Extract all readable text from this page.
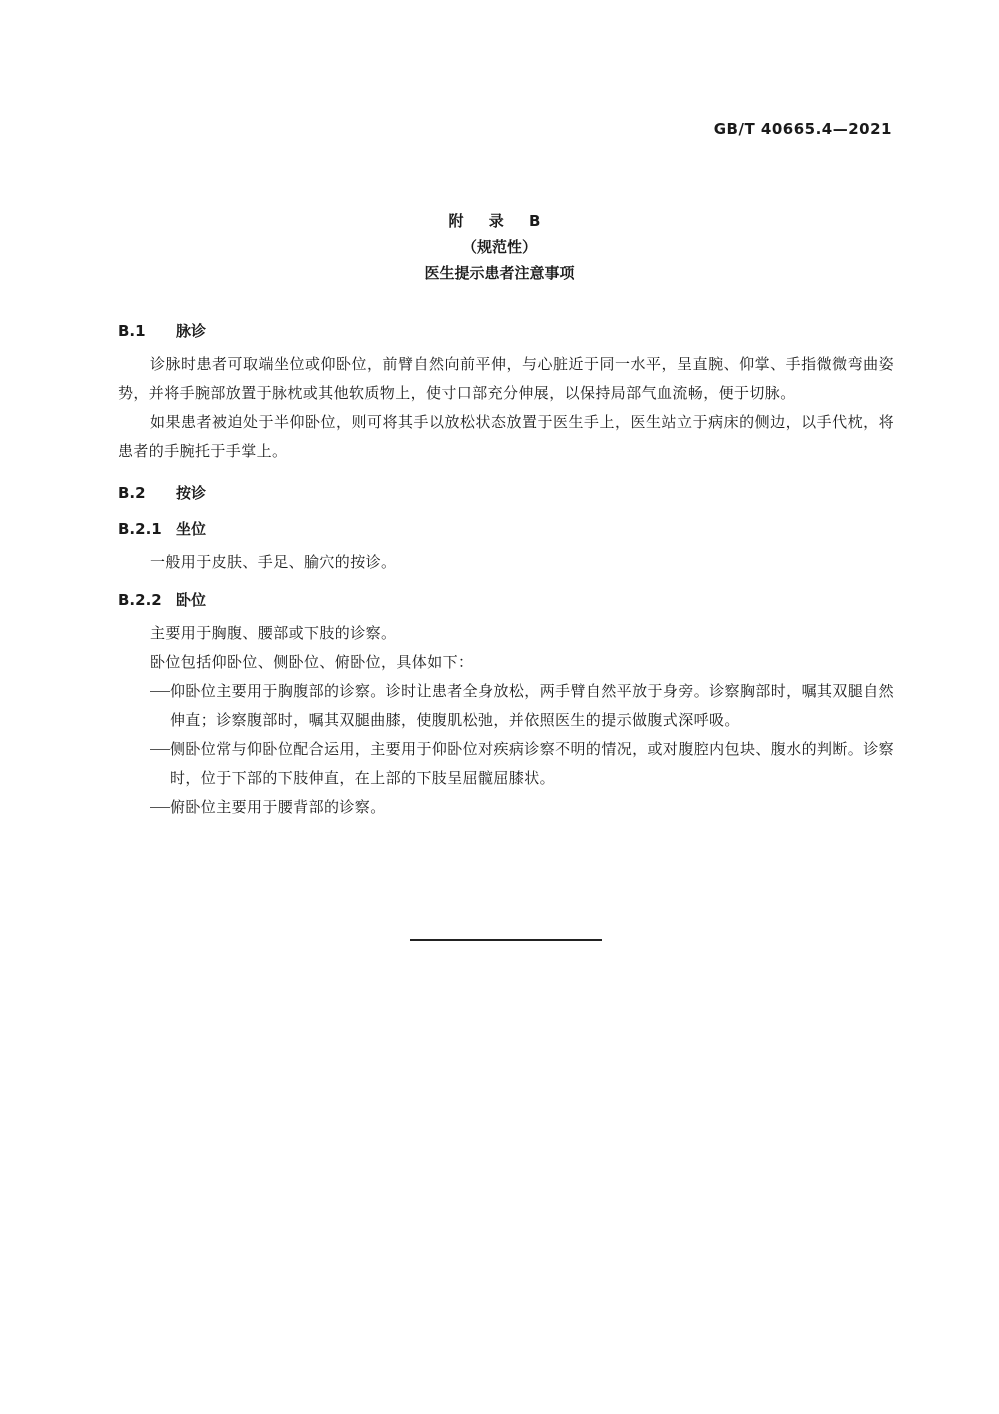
GB/T 40665.4—2021
附 录 B
（规范性）
医生提示患者注意事项
B.1 脉诊

诊脉时患者可取端坐位或仰卧位，前臂自然向前平伸，与心脏近于同一水平，呈直腕、仰掌、手指微微弯曲姿势，并将手腕部放置于脉枕或其他软质物上，使寸口部充分伸展，以保持局部气血流畅，便于切脉。

如果患者被迫处于半仰卧位，则可将其手以放松状态放置于医生手上，医生站立于病床的侧边，以手代枕，将患者的手腕托于手掌上。

B.2 按诊
B.2.1 坐位

一般用于皮肤、手足、腧穴的按诊。

B.2.2 卧位

主要用于胸腹、腰部或下肢的诊察。

卧位包括仰卧位、侧卧位、俯卧位，具体如下：

仰卧位主要用于胸腹部的诊察。诊时让患者全身放松，两手臂自然平放于身旁。诊察胸部时，嘱其双腿自然伸直；诊察腹部时，嘱其双腿曲膝，使腹肌松弛，并依照医生的提示做腹式深呼吸。
侧卧位常与仰卧位配合运用，主要用于仰卧位对疾病诊察不明的情况，或对腹腔内包块、腹水的判断。诊察时，位于下部的下肢伸直，在上部的下肢呈屈髋屈膝状。
俯卧位主要用于腰背部的诊察。
